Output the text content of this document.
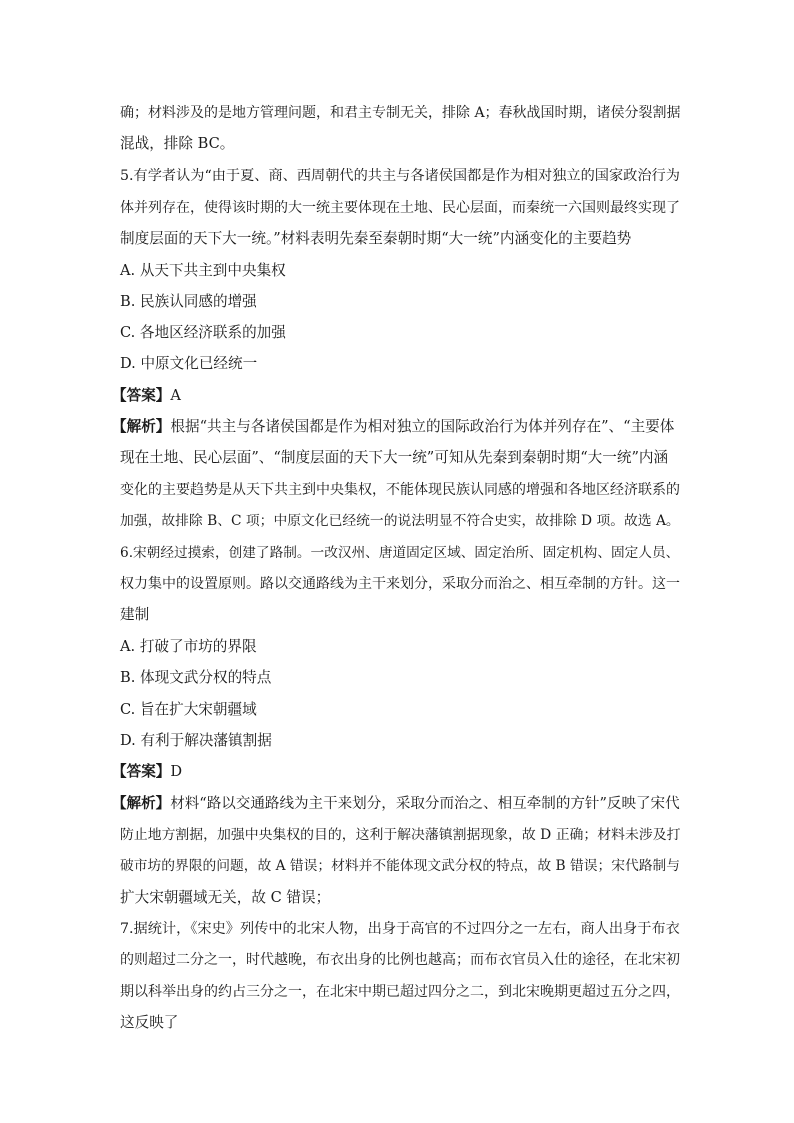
确；材料涉及的是地方管理问题，和君主专制无关，排除 A；春秋战国时期，诸侯分裂割据
混战，排除 BC。
5.有学者认为“由于夏、商、西周朝代的共主与各诸侯国都是作为相对独立的国家政治行为
体并列存在，使得该时期的大一统主要体现在土地、民心层面，而秦统一六国则最终实现了
制度层面的天下大一统。”材料表明先秦至秦朝时期“大一统”内涵变化的主要趋势
A. 从天下共主到中央集权
B. 民族认同感的增强
C. 各地区经济联系的加强
D. 中原文化已经统一
【答案】A
【解析】根据“共主与各诸侯国都是作为相对独立的国际政治行为体并列存在”、“主要体
现在土地、民心层面”、“制度层面的天下大一统”可知从先秦到秦朝时期“大一统”内涵
变化的主要趋势是从天下共主到中央集权，不能体现民族认同感的增强和各地区经济联系的
加强，故排除 B、C 项；中原文化已经统一的说法明显不符合史实，故排除 D 项。故选 A。
6.宋朝经过摸索，创建了路制。一改汉州、唐道固定区域、固定治所、固定机构、固定人员、
权力集中的设置原则。路以交通路线为主干来划分，采取分而治之、相互牵制的方针。这一
建制
A. 打破了市坊的界限
B. 体现文武分权的特点
C. 旨在扩大宋朝疆域
D. 有利于解决藩镇割据
【答案】D
【解析】材料“路以交通路线为主干来划分，采取分而治之、相互牵制的方针”反映了宋代
防止地方割据，加强中央集权的目的，这利于解决藩镇割据现象，故 D 正确；材料未涉及打
破市坊的界限的问题，故 A 错误；材料并不能体现文武分权的特点，故 B 错误；宋代路制与
扩大宋朝疆域无关，故 C 错误；
7.据统计，《宋史》列传中的北宋人物，出身于高官的不过四分之一左右，商人出身于布衣
的则超过二分之一，时代越晚，布衣出身的比例也越高；而布衣官员入仕的途径，在北宋初
期以科举出身的约占三分之一，在北宋中期已超过四分之二，到北宋晚期更超过五分之四，
这反映了
